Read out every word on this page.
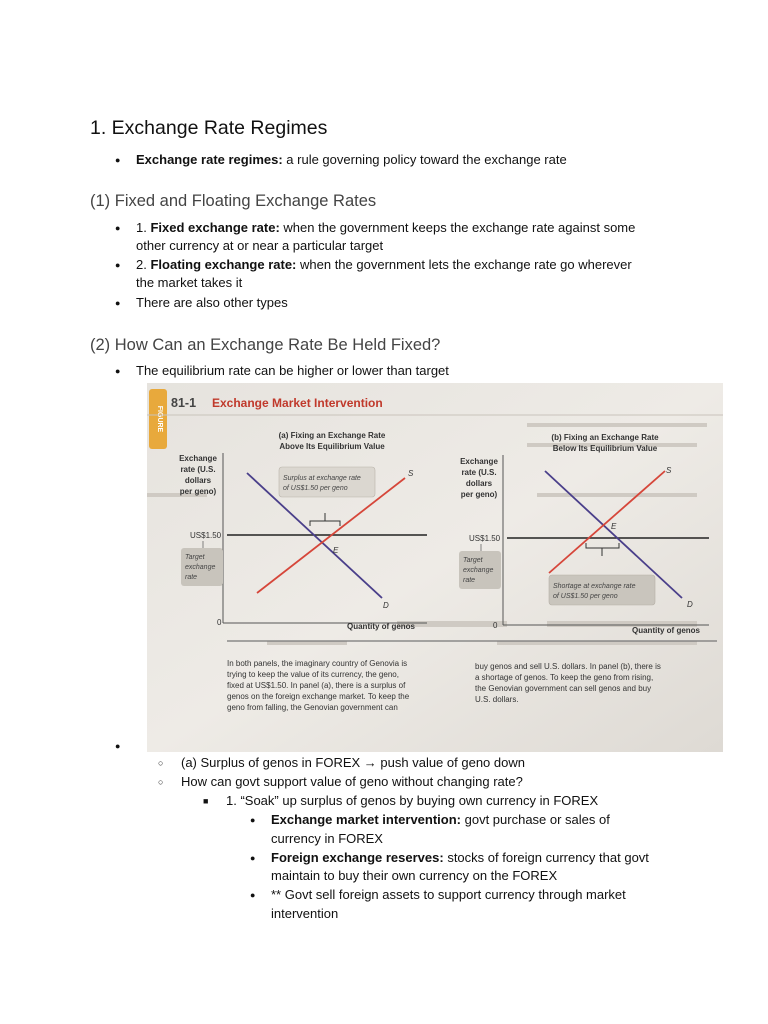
1. Exchange Rate Regimes
● Exchange rate regimes: a rule governing policy toward the exchange rate
(1) Fixed and Floating Exchange Rates
● 1. Fixed exchange rate: when the government keeps the exchange rate against some
other currency at or near a particular target
● 2. Floating exchange rate: when the government lets the exchange rate go wherever
the market takes it
● There are also other types
(2) How Can an Exchange Rate Be Held Fixed?
● The equilibrium rate can be higher or lower than target
FIGURE
81-1 Exchange Market Intervention
(a) Fixing an Exchange Rate
Above Its Equilibrium Value
Exchange
rate (U.S.
dollars
per geno)
US$1.50
Target
exchange
rate
Surplus at exchange rate
of US$1.50 per geno
S
D
E
0	Quantity of genos
(b) Fixing an Exchange Rate
Below Its Equilibrium Value
Exchange
rate (U.S.
dollars
per geno)
US$1.50
Target
exchange
rate
Shortage at exchange rate
of US$1.50 per geno
S
D
E
0
Quantity of genos
In both panels, the imaginary country of Genovia is
trying to keep the value of its currency, the geno,
fixed at US$1.50. In panel (a), there is a surplus of
genos on the foreign exchange market. To keep the
geno from falling, the Genovian government can
buy genos and sell U.S. dollars. In panel (b), there is
a shortage of genos. To keep the geno from rising,
the Genovian government can sell genos and buy
U.S. dollars.
●
○ (a) Surplus of genos in FOREX → push value of geno down
○ How can govt support value of geno without changing rate?
■ 1. “Soak” up surplus of genos by buying own currency in FOREX
● Exchange market intervention: govt purchase or sales of
currency in FOREX
● Foreign exchange reserves: stocks of foreign currency that govt
maintain to buy their own currency on the FOREX
● ** Govt sell foreign assets to support currency through market
intervention
